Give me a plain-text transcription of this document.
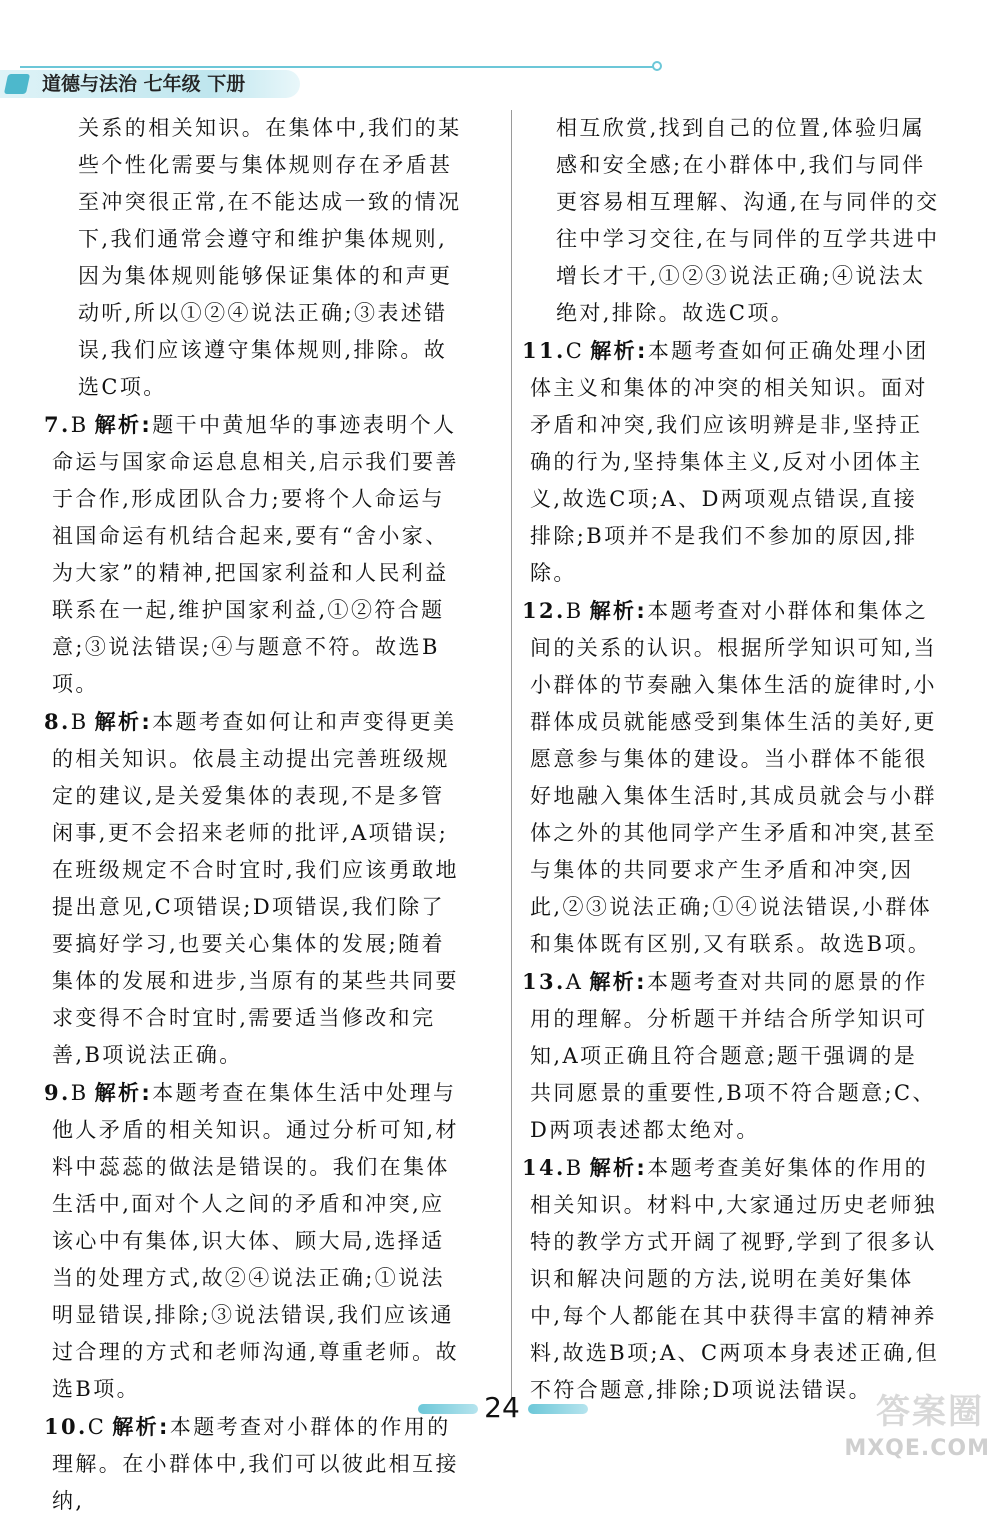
道德与法治 七年级 下册

关系的相关知识。在集体中,我们的某些个性化需要与集体规则存在矛盾甚至冲突很正常,在不能达成一致的情况下,我们通常会遵守和维护集体规则,因为集体规则能够保证集体的和声更动听,所以①②④说法正确;③表述错误,我们应该遵守集体规则,排除。故选C项。

7.B 解析:题干中黄旭华的事迹表明个人命运与国家命运息息相关,启示我们要善于合作,形成团队合力;要将个人命运与祖国命运有机结合起来,要有“舍小家、为大家”的精神,把国家利益和人民利益联系在一起,维护国家利益,①②符合题意;③说法错误;④与题意不符。故选B项。

8.B 解析:本题考查如何让和声变得更美的相关知识。依晨主动提出完善班级规定的建议,是关爱集体的表现,不是多管闲事,更不会招来老师的批评,A项错误;在班级规定不合时宜时,我们应该勇敢地提出意见,C项错误;D项错误,我们除了要搞好学习,也要关心集体的发展;随着集体的发展和进步,当原有的某些共同要求变得不合时宜时,需要适当修改和完善,B项说法正确。

9.B 解析:本题考查在集体生活中处理与他人矛盾的相关知识。通过分析可知,材料中蕊蕊的做法是错误的。我们在集体生活中,面对个人之间的矛盾和冲突,应该心中有集体,识大体、顾大局,选择适当的处理方式,故②④说法正确;①说法明显错误,排除;③说法错误,我们应该通过合理的方式和老师沟通,尊重老师。故选B项。

10.C 解析:本题考查对小群体的作用的理解。在小群体中,我们可以彼此相互接纳,

相互欣赏,找到自己的位置,体验归属感和安全感;在小群体中,我们与同伴更容易相互理解、沟通,在与同伴的交往中学习交往,在与同伴的互学共进中增长才干,①②③说法正确;④说法太绝对,排除。故选C项。

11.C 解析:本题考查如何正确处理小团体主义和集体的冲突的相关知识。面对矛盾和冲突,我们应该明辨是非,坚持正确的行为,坚持集体主义,反对小团体主义,故选C项;A、D两项观点错误,直接排除;B项并不是我们不参加的原因,排除。

12.B 解析:本题考查对小群体和集体之间的关系的认识。根据所学知识可知,当小群体的节奏融入集体生活的旋律时,小群体成员就能感受到集体生活的美好,更愿意参与集体的建设。当小群体不能很好地融入集体生活时,其成员就会与小群体之外的其他同学产生矛盾和冲突,甚至与集体的共同要求产生矛盾和冲突,因此,②③说法正确;①④说法错误,小群体和集体既有区别,又有联系。故选B项。

13.A 解析:本题考查对共同的愿景的作用的理解。分析题干并结合所学知识可知,A项正确且符合题意;题干强调的是共同愿景的重要性,B项不符合题意;C、D两项表述都太绝对。

14.B 解析:本题考查美好集体的作用的相关知识。材料中,大家通过历史老师独特的教学方式开阔了视野,学到了很多认识和解决问题的方法,说明在美好集体中,每个人都能在其中获得丰富的精神养料,故选B项;A、C两项本身表述正确,但不符合题意,排除;D项说法错误。

24	答案圈
MXQE.COM
